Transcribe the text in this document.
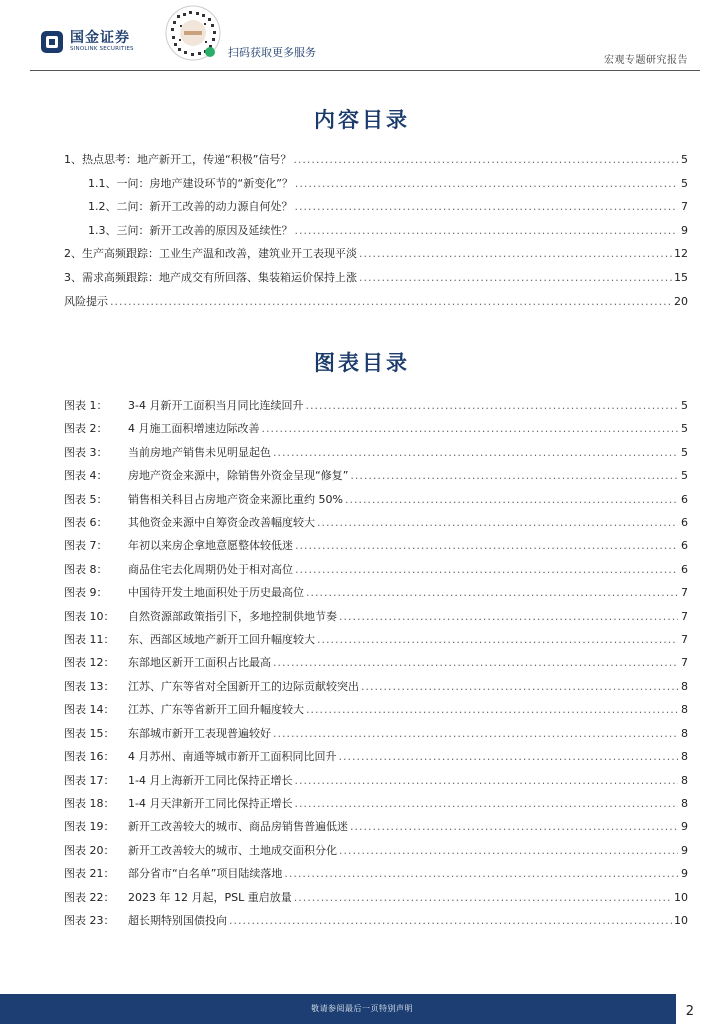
国金证券
SINOLINK SECURITIES	扫码获取更多服务
宏观专题研究报告
内容目录
1、热点思考：地产新开工，传递“积极”信号？ .....	5
1.1、一问：房地产建设环节的“新变化”？ .....	5
1.2、二问：新开工改善的动力源自何处？ .....	7
1.3、三问：新开工改善的原因及延续性？ .....	9
2、生产高频跟踪：工业生产温和改善，建筑业开工表现平淡 .....	12
3、需求高频跟踪：地产成交有所回落、集装箱运价保持上涨 .....	15
风险提示 .....	20
图表目录
图表 1： 3-4 月新开工面积当月同比连续回升 .....	5
图表 2： 4 月施工面积增速边际改善 .....	5
图表 3： 当前房地产销售未见明显起色 .....	5
图表 4： 房地产资金来源中，除销售外资金呈现“修复” .....	5
图表 5： 销售相关科目占房地产资金来源比重约 50% .....	6
图表 6： 其他资金来源中自筹资金改善幅度较大 .....	6
图表 7： 年初以来房企拿地意愿整体较低迷 .....	6
图表 8： 商品住宅去化周期仍处于相对高位 .....	6
图表 9： 中国待开发土地面积处于历史最高位 .....	7
图表 10： 自然资源部政策指引下，多地控制供地节奏 .....	7
图表 11： 东、西部区域地产新开工回升幅度较大 .....	7
图表 12： 东部地区新开工面积占比最高 .....	7
图表 13： 江苏、广东等省对全国新开工的边际贡献较突出 .....	8
图表 14： 江苏、广东等省新开工回升幅度较大 .....	8
图表 15： 东部城市新开工表现普遍较好 .....	8
图表 16： 4 月苏州、南通等城市新开工面积同比回升 .....	8
图表 17： 1-4 月上海新开工同比保持正增长 .....	8
图表 18： 1-4 月天津新开工同比保持正增长 .....	8
图表 19： 新开工改善较大的城市、商品房销售普遍低迷 .....	9
图表 20： 新开工改善较大的城市、土地成交面积分化 .....	9
图表 21： 部分省市“白名单”项目陆续落地 .....	9
图表 22： 2023 年 12 月起，PSL 重启放量 .....	10
图表 23： 超长期特别国债投向 .....	10
敬请参阅最后一页特别声明	2
